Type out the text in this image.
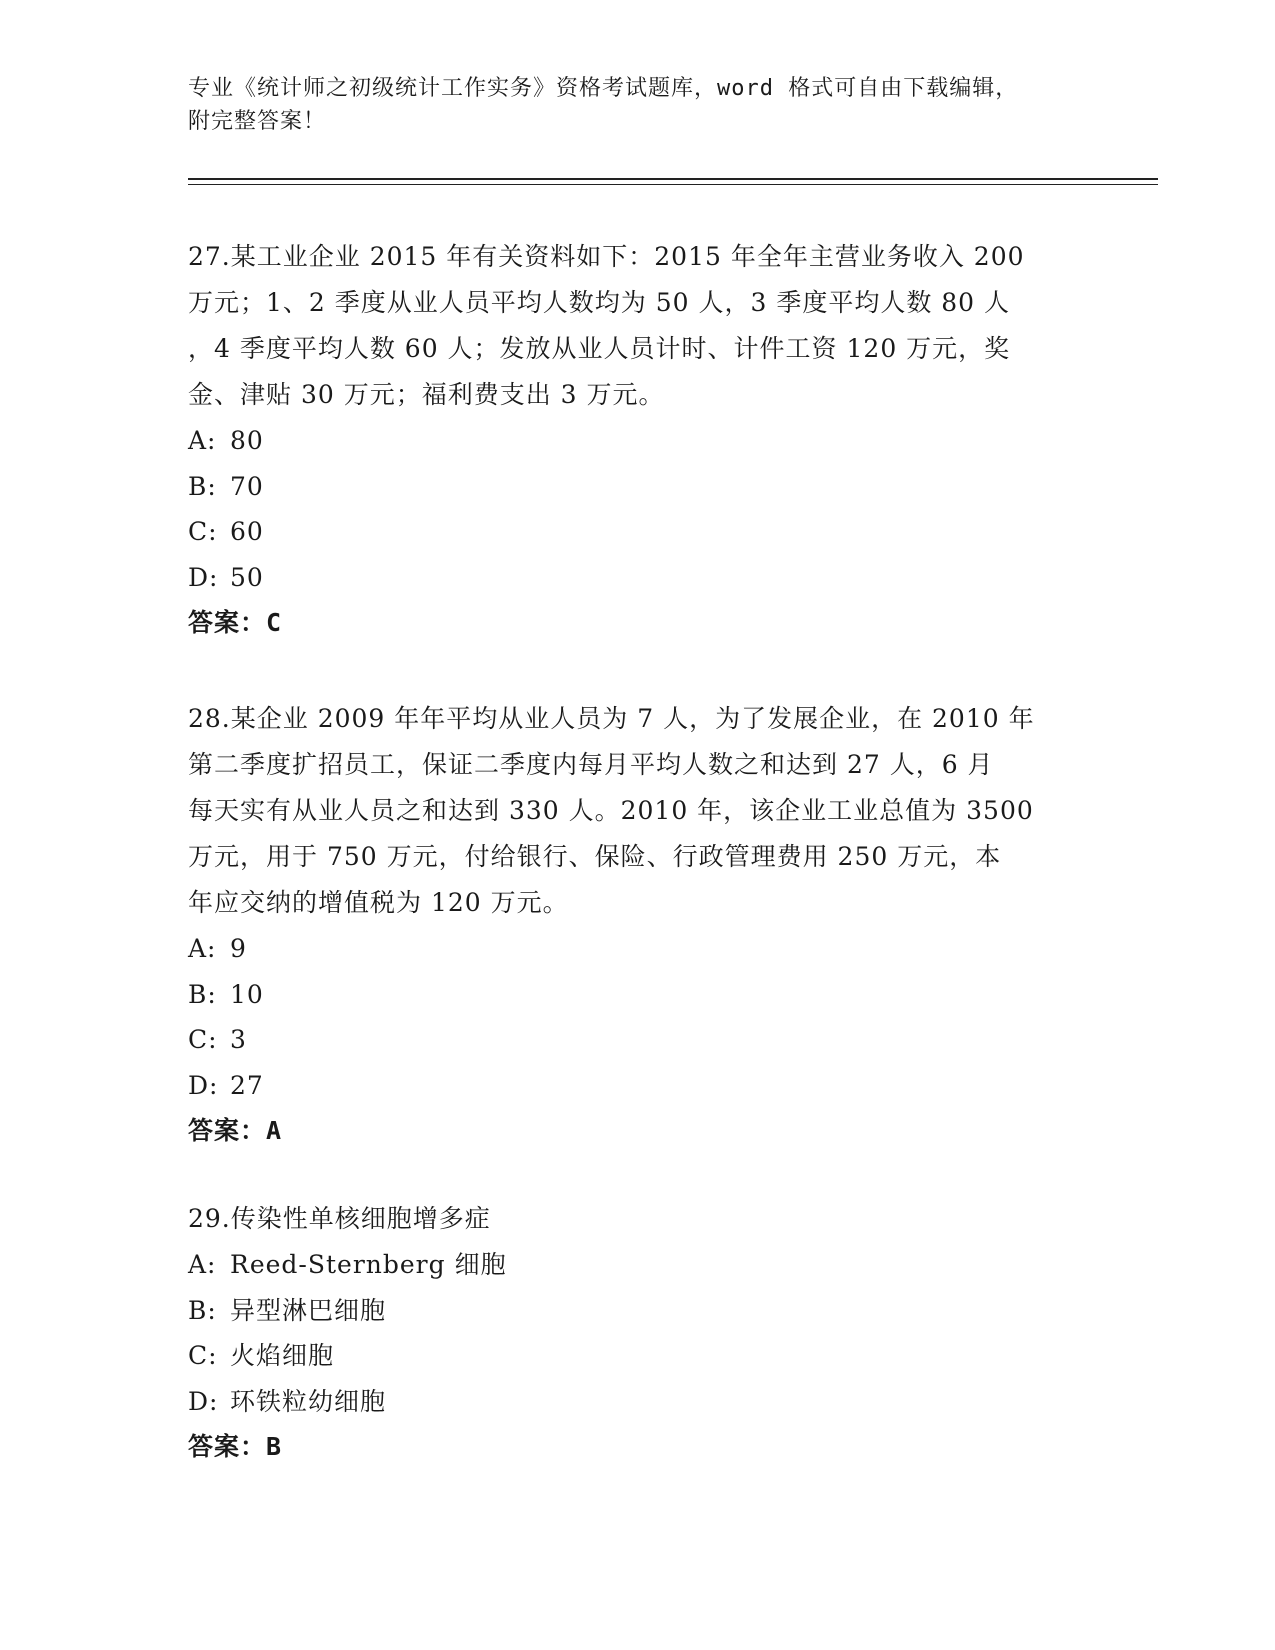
专业《统计师之初级统计工作实务》资格考试题库，word 格式可自由下载编辑，
附完整答案！

27.某工业企业 2015 年有关资料如下：2015 年全年主营业务收入 200

万元；1、2 季度从业人员平均人数均为 50 人，3 季度平均人数 80 人

，4 季度平均人数 60 人；发放从业人员计时、计件工资 120 万元，奖

金、津贴 30 万元；福利费支出 3 万元。

A: 80

B: 70

C: 60

D: 50

答案：C

28.某企业 2009 年年平均从业人员为 7 人，为了发展企业，在 2010 年

第二季度扩招员工，保证二季度内每月平均人数之和达到 27 人，6 月

每天实有从业人员之和达到 330 人。2010 年，该企业工业总值为 3500

万元，用于 750 万元，付给银行、保险、行政管理费用 250 万元，本

年应交纳的增值税为 120 万元。

A: 9

B: 10

C: 3

D: 27

答案：A

29.传染性单核细胞增多症

A: Reed-Sternberg 细胞

B: 异型淋巴细胞

C: 火焰细胞

D: 环铁粒幼细胞

答案：B
